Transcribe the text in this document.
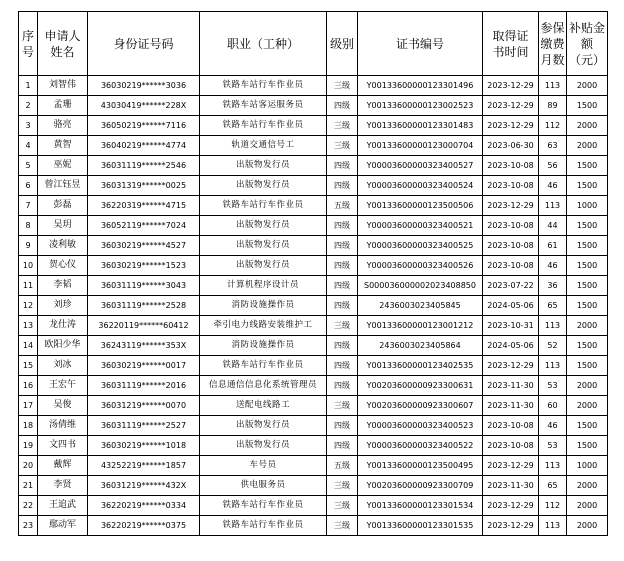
序号	申请人姓名	身份证号码	职业（工种）	级别	证书编号	取得证书时间	参保缴费月数	补贴金额（元）
1	刘智伟	36030219******3036	铁路车站行车作业员	三级	Y00133600000123301496	2023-12-29	113	2000
2	孟珊	43030419******228X	铁路车站客运服务员	四级	Y00133600000123002523	2023-12-29	89	1500
3	骆亮	36050219******7116	铁路车站行车作业员	三级	Y00133600000123301483	2023-12-29	112	2000
4	黄智	36040219******4774	轨道交通信号工	三级	Y00133600000123000704	2023-06-30	63	2000
5	巫妮	36031119******2546	出版物发行员	四级	Y00003600000323400527	2023-10-08	56	1500
6	曾江钰昱	36031319******0025	出版物发行员	四级	Y00003600000323400524	2023-10-08	46	1500
7	彭磊	36220319******4715	铁路车站行车作业员	五级	Y00133600000123500506	2023-12-29	113	1000
8	吴玥	36052119******7024	出版物发行员	四级	Y00003600000323400521	2023-10-08	44	1500
9	凌利敏	36030219******4527	出版物发行员	四级	Y00003600000323400525	2023-10-08	61	1500
10	贺心仪	36030219******1523	出版物发行员	四级	Y00003600000323400526	2023-10-08	46	1500
11	李韬	36031119******3043	计算机程序设计员	四级	S000036000002023408850	2023-07-22	36	1500
12	刘珍	36031119******2528	消防设施操作员	四级	2436003023405845	2024-05-06	65	1500
13	龙仕涛	36220119******60412	牵引电力线路安装维护工	三级	Y00133600000123001212	2023-10-31	113	2000
14	欧阳少华	36243119******353X	消防设施操作员	四级	2436003023405864	2024-05-06	52	1500
15	刘冰	36030219******0017	铁路车站行车作业员	四级	Y00133600000123402535	2023-12-29	113	1500
16	王宏午	36031119******2016	信息通信信息化系统管理员	四级	Y00203600000923300631	2023-11-30	53	2000
17	吴俊	36031219******0070	送配电线路工	三级	Y00203600000923300607	2023-11-30	60	2000
18	汤倩维	36031119******2527	出版物发行员	四级	Y00003600000323400523	2023-10-08	46	1500
19	文四书	36030219******1018	出版物发行员	四级	Y00003600000323400522	2023-10-08	53	1500
20	戴辉	43252219******1857	车号员	五级	Y00133600000123500495	2023-12-29	113	1000
21	李贤	36031219******432X	供电服务员	三级	Y00203600000923300709	2023-11-30	65	2000
22	王追武	36220219******0334	铁路车站行车作业员	三级	Y00133600000123301534	2023-12-29	112	2000
23	鄢动军	36220219******0375	铁路车站行车作业员	三级	Y00133600000123301535	2023-12-29	113	2000
